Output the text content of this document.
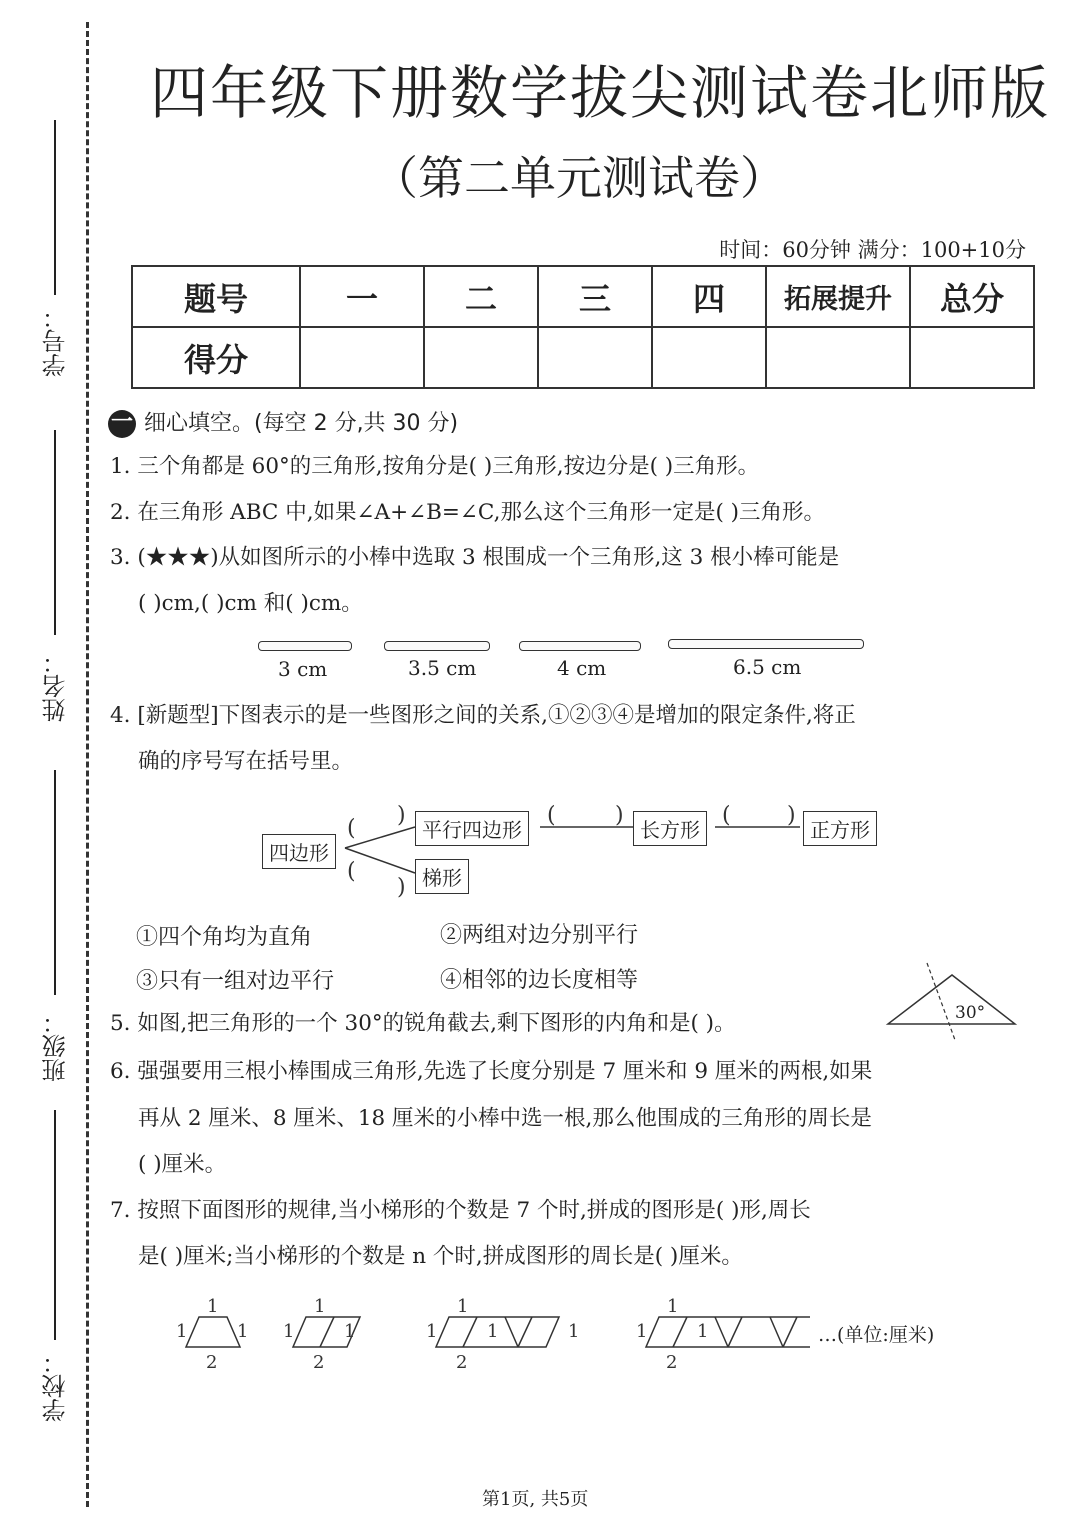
学号：
姓名：
班级：
学校：
四年级下册数学拔尖测试卷北师版
（第二单元测试卷）
时间：60分钟 满分：100+10分
题号	一	二	三	四	拓展提升	总分
得分						
一 细心填空。(每空 2 分,共 30 分)
1. 三个角都是 60°的三角形,按角分是( )三角形,按边分是( )三角形。
2. 在三角形 ABC 中,如果∠A+∠B=∠C,那么这个三角形一定是( )三角形。
3. (★★★)从如图所示的小棒中选取 3 根围成一个三角形,这 3 根小棒可能是
( )cm,( )cm 和( )cm。
3 cm	3.5 cm	4 cm	6.5 cm
4. [新题型]下图表示的是一些图形之间的关系,①②③④是增加的限定条件,将正
确的序号写在括号里。
(
)
(
)
(	)	(	)
四边形
平行四边形	长方形	正方形
梯形
①四个角均为直角	②两组对边分别平行
③只有一组对边平行	④相邻的边长度相等
5. 如图,把三角形的一个 30°的锐角截去,剩下图形的内角和是( )。	30°
6. 强强要用三根小棒围成三角形,先选了长度分别是 7 厘米和 9 厘米的两根,如果
再从 2 厘米、8 厘米、18 厘米的小棒中选一根,那么他围成的三角形的周长是
( )厘米。
7. 按照下面图形的规律,当小梯形的个数是 7 个时,拼成的图形是( )形,周长
是( )厘米;当小梯形的个数是 n 个时,拼成图形的周长是( )厘米。
1
1	1
2
1
1	1
2
1
1	1	1
2
1
1	1
2
…(单位:厘米)
第1页, 共5页
